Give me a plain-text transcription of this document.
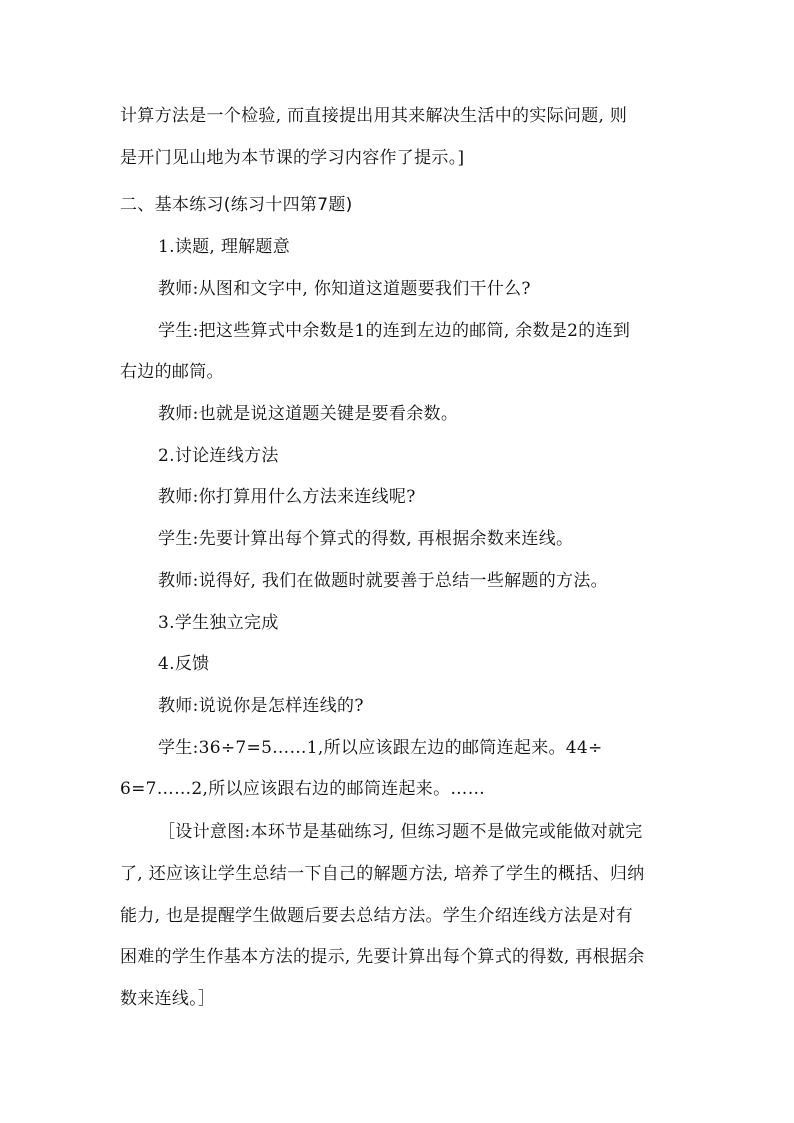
计算方法是一个检验, 而直接提出用其来解决生活中的实际问题, 则
是开门见山地为本节课的学习内容作了提示。]
二、基本练习(练习十四第7题)
1.读题, 理解题意
教师:从图和文字中, 你知道这道题要我们干什么?
学生:把这些算式中余数是1的连到左边的邮筒, 余数是2的连到
右边的邮筒。
教师:也就是说这道题关键是要看余数。
2.讨论连线方法
教师:你打算用什么方法来连线呢?
学生:先要计算出每个算式的得数, 再根据余数来连线。
教师:说得好, 我们在做题时就要善于总结一些解题的方法。
3.学生独立完成
4.反馈
教师:说说你是怎样连线的?
学生:36÷7=5……1,所以应该跟左边的邮筒连起来。44÷
6=7……2,所以应该跟右边的邮筒连起来。……
［设计意图:本环节是基础练习, 但练习题不是做完或能做对就完
了, 还应该让学生总结一下自己的解题方法, 培养了学生的概括、归纳
能力, 也是提醒学生做题后要去总结方法。学生介绍连线方法是对有
困难的学生作基本方法的提示, 先要计算出每个算式的得数, 再根据余
数来连线。］
